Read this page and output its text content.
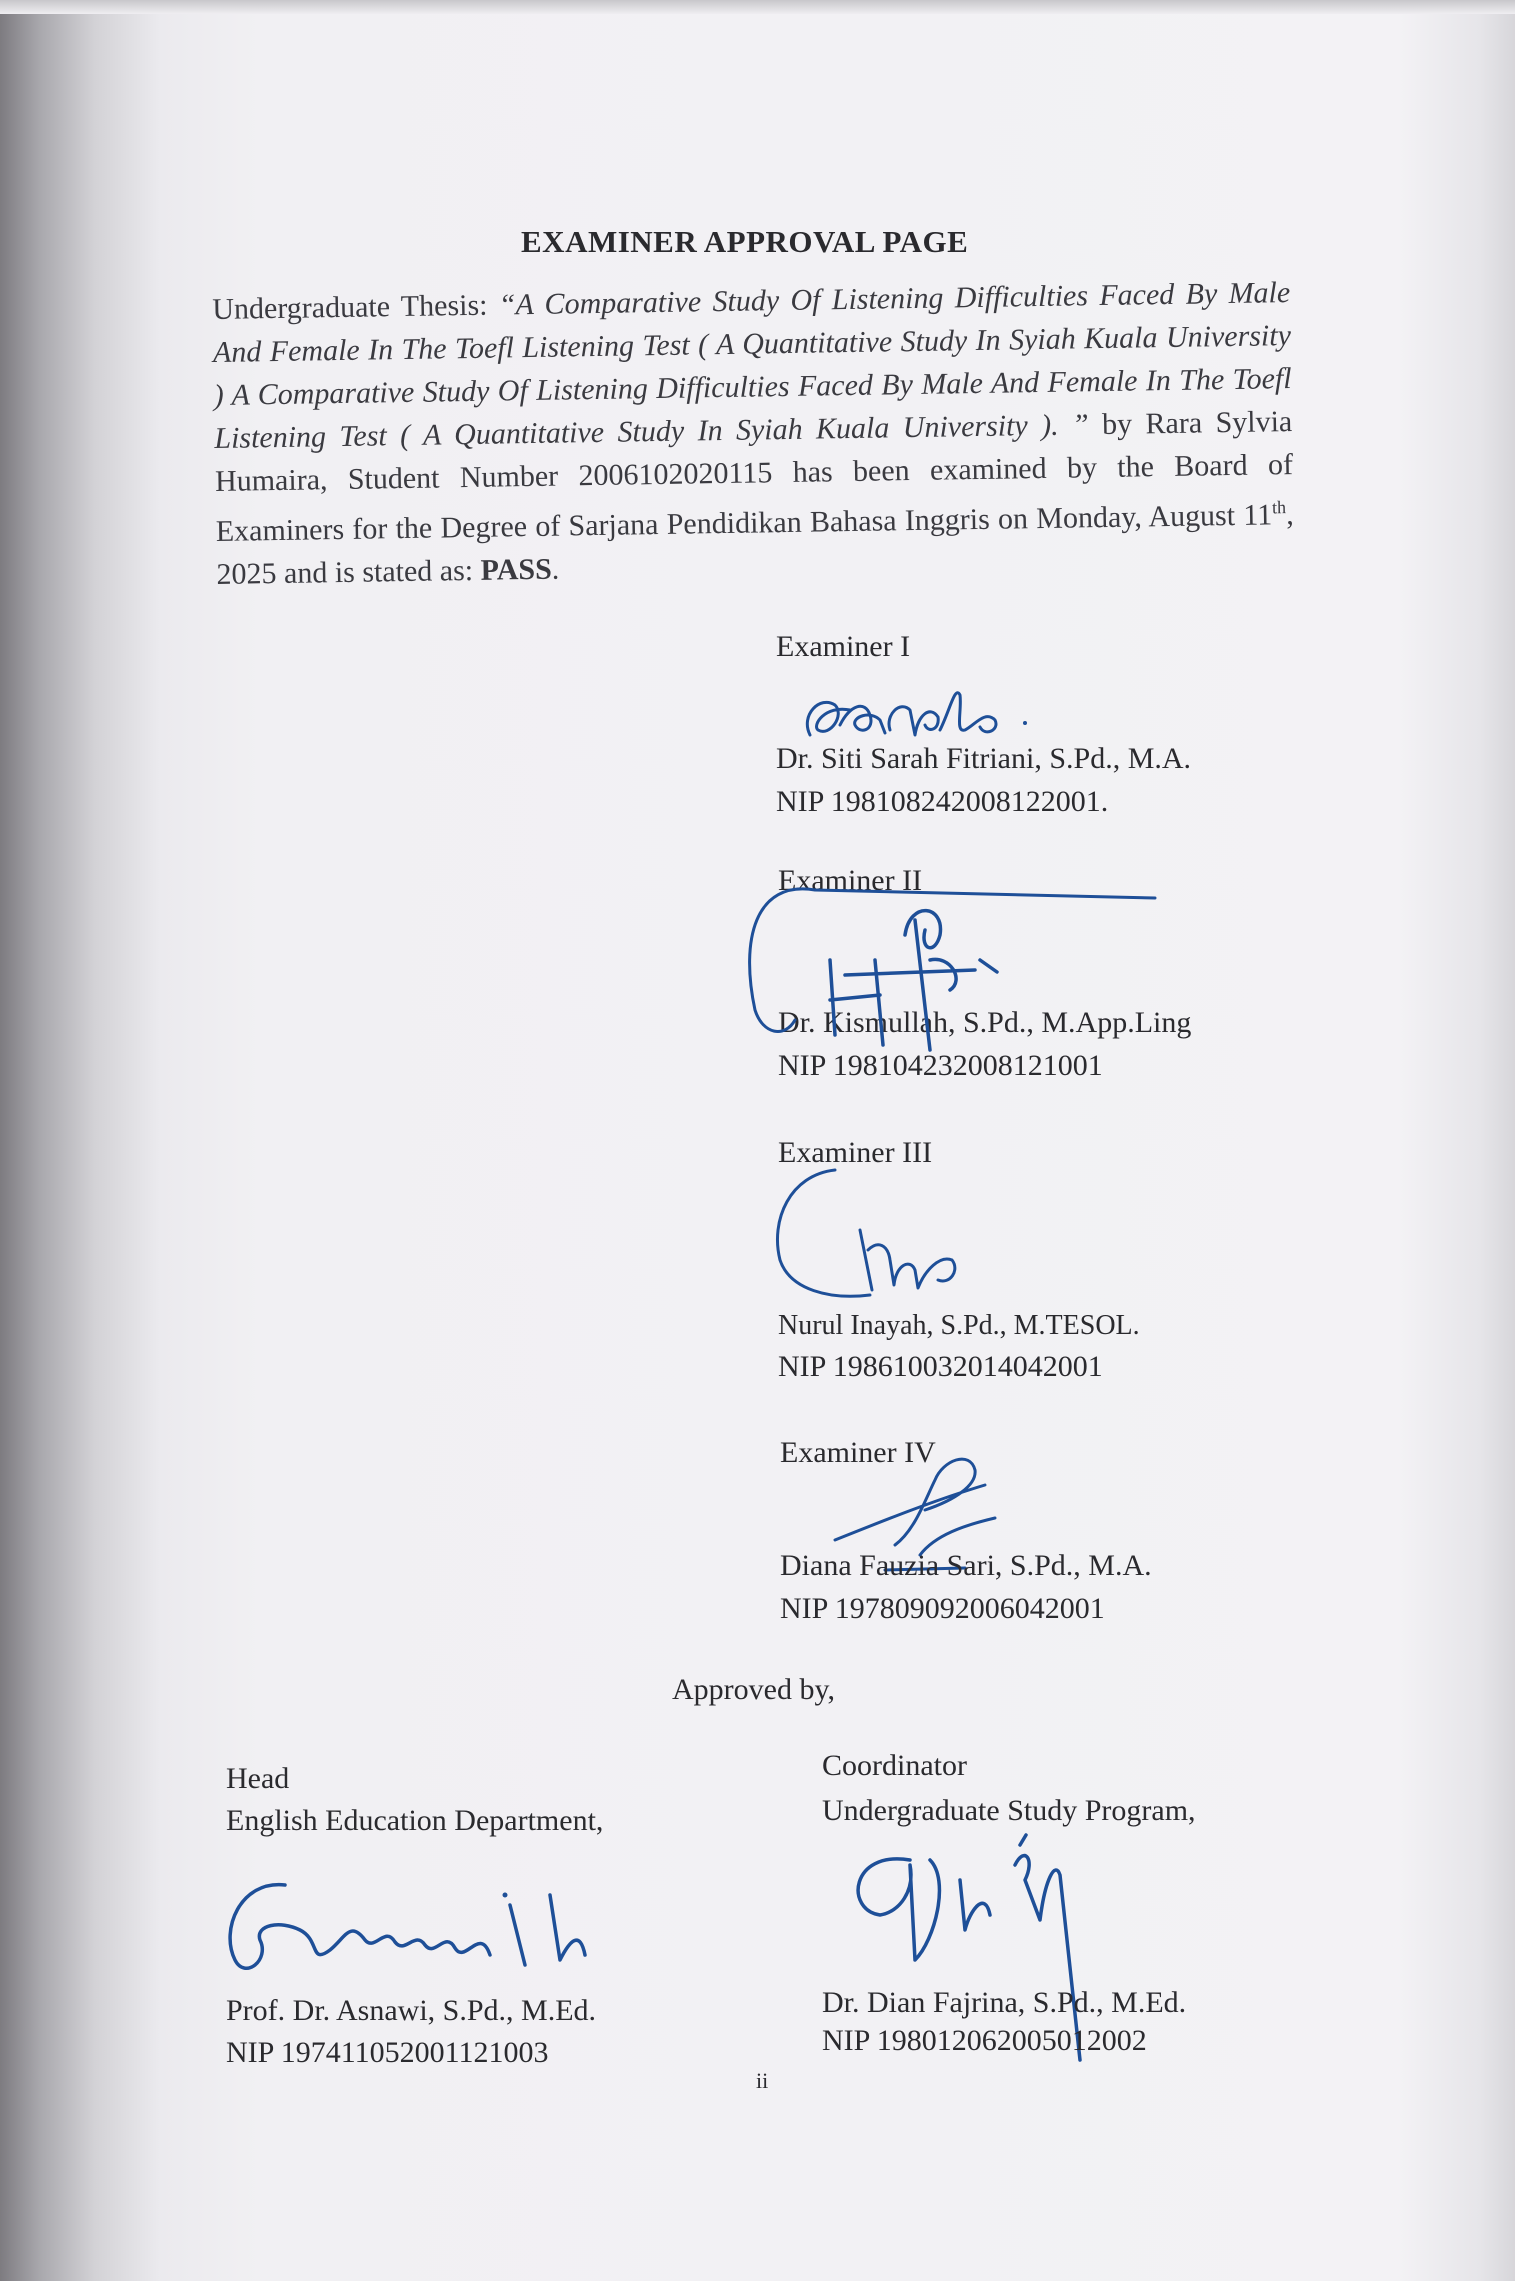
EXAMINER APPROVAL PAGE
Undergraduate Thesis: “A Comparative Study Of Listening Difficulties Faced By Male And Female In The Toefl Listening Test ( A Quantitative Study In Syiah Kuala University ) A Comparative Study Of Listening Difficulties Faced By Male And Female In The Toefl Listening Test ( A Quantitative Study In Syiah Kuala University ). ” by Rara Sylvia Humaira, Student Number 2006102020115 has been examined by the Board of Examiners for the Degree of Sarjana Pendidikan Bahasa Inggris on Monday, August 11th, 2025 and is stated as: PASS.
Examiner I
Dr. Siti Sarah Fitriani, S.Pd., M.A.
NIP 198108242008122001.
Examiner II
Dr. Kismullah, S.Pd., M.App.Ling
NIP 198104232008121001
Examiner III
Nurul Inayah, S.Pd., M.TESOL.
NIP 198610032014042001
Examiner IV
Diana Fauzia Sari, S.Pd., M.A.
NIP 197809092006042001
Approved by,
Head
English Education Department,
Prof. Dr. Asnawi, S.Pd., M.Ed.
NIP 197411052001121003
Coordinator
Undergraduate Study Program,
Dr. Dian Fajrina, S.Pd., M.Ed.
NIP 198012062005012002
ii
